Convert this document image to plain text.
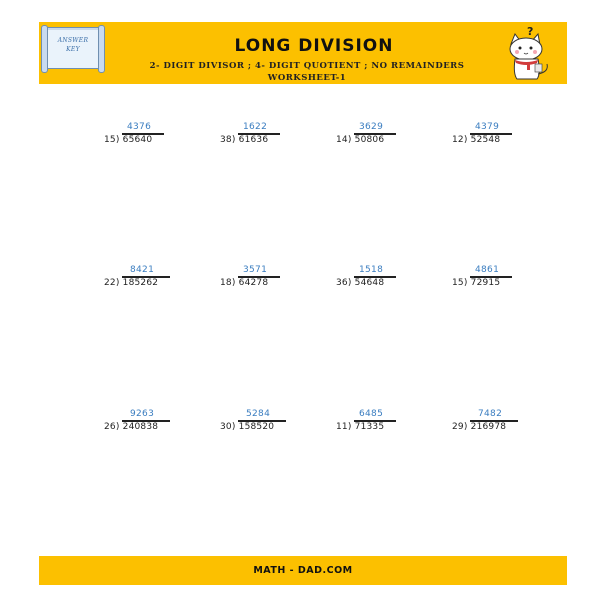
ANSWER
KEY	LONG DIVISION
2- DIGIT DIVISOR ; 4- DIGIT QUOTIENT ; NO REMAINDERS
WORKSHEET-1
?
4376
15) 65640
1622
38) 61636
3629
14) 50806
4379
12) 52548
8421
22) 185262
3571
18) 64278
1518
36) 54648
4861
15) 72915
9263
26) 240838
5284
30) 158520
6485
11) 71335
7482
29) 216978
MATH - DAD.COM
